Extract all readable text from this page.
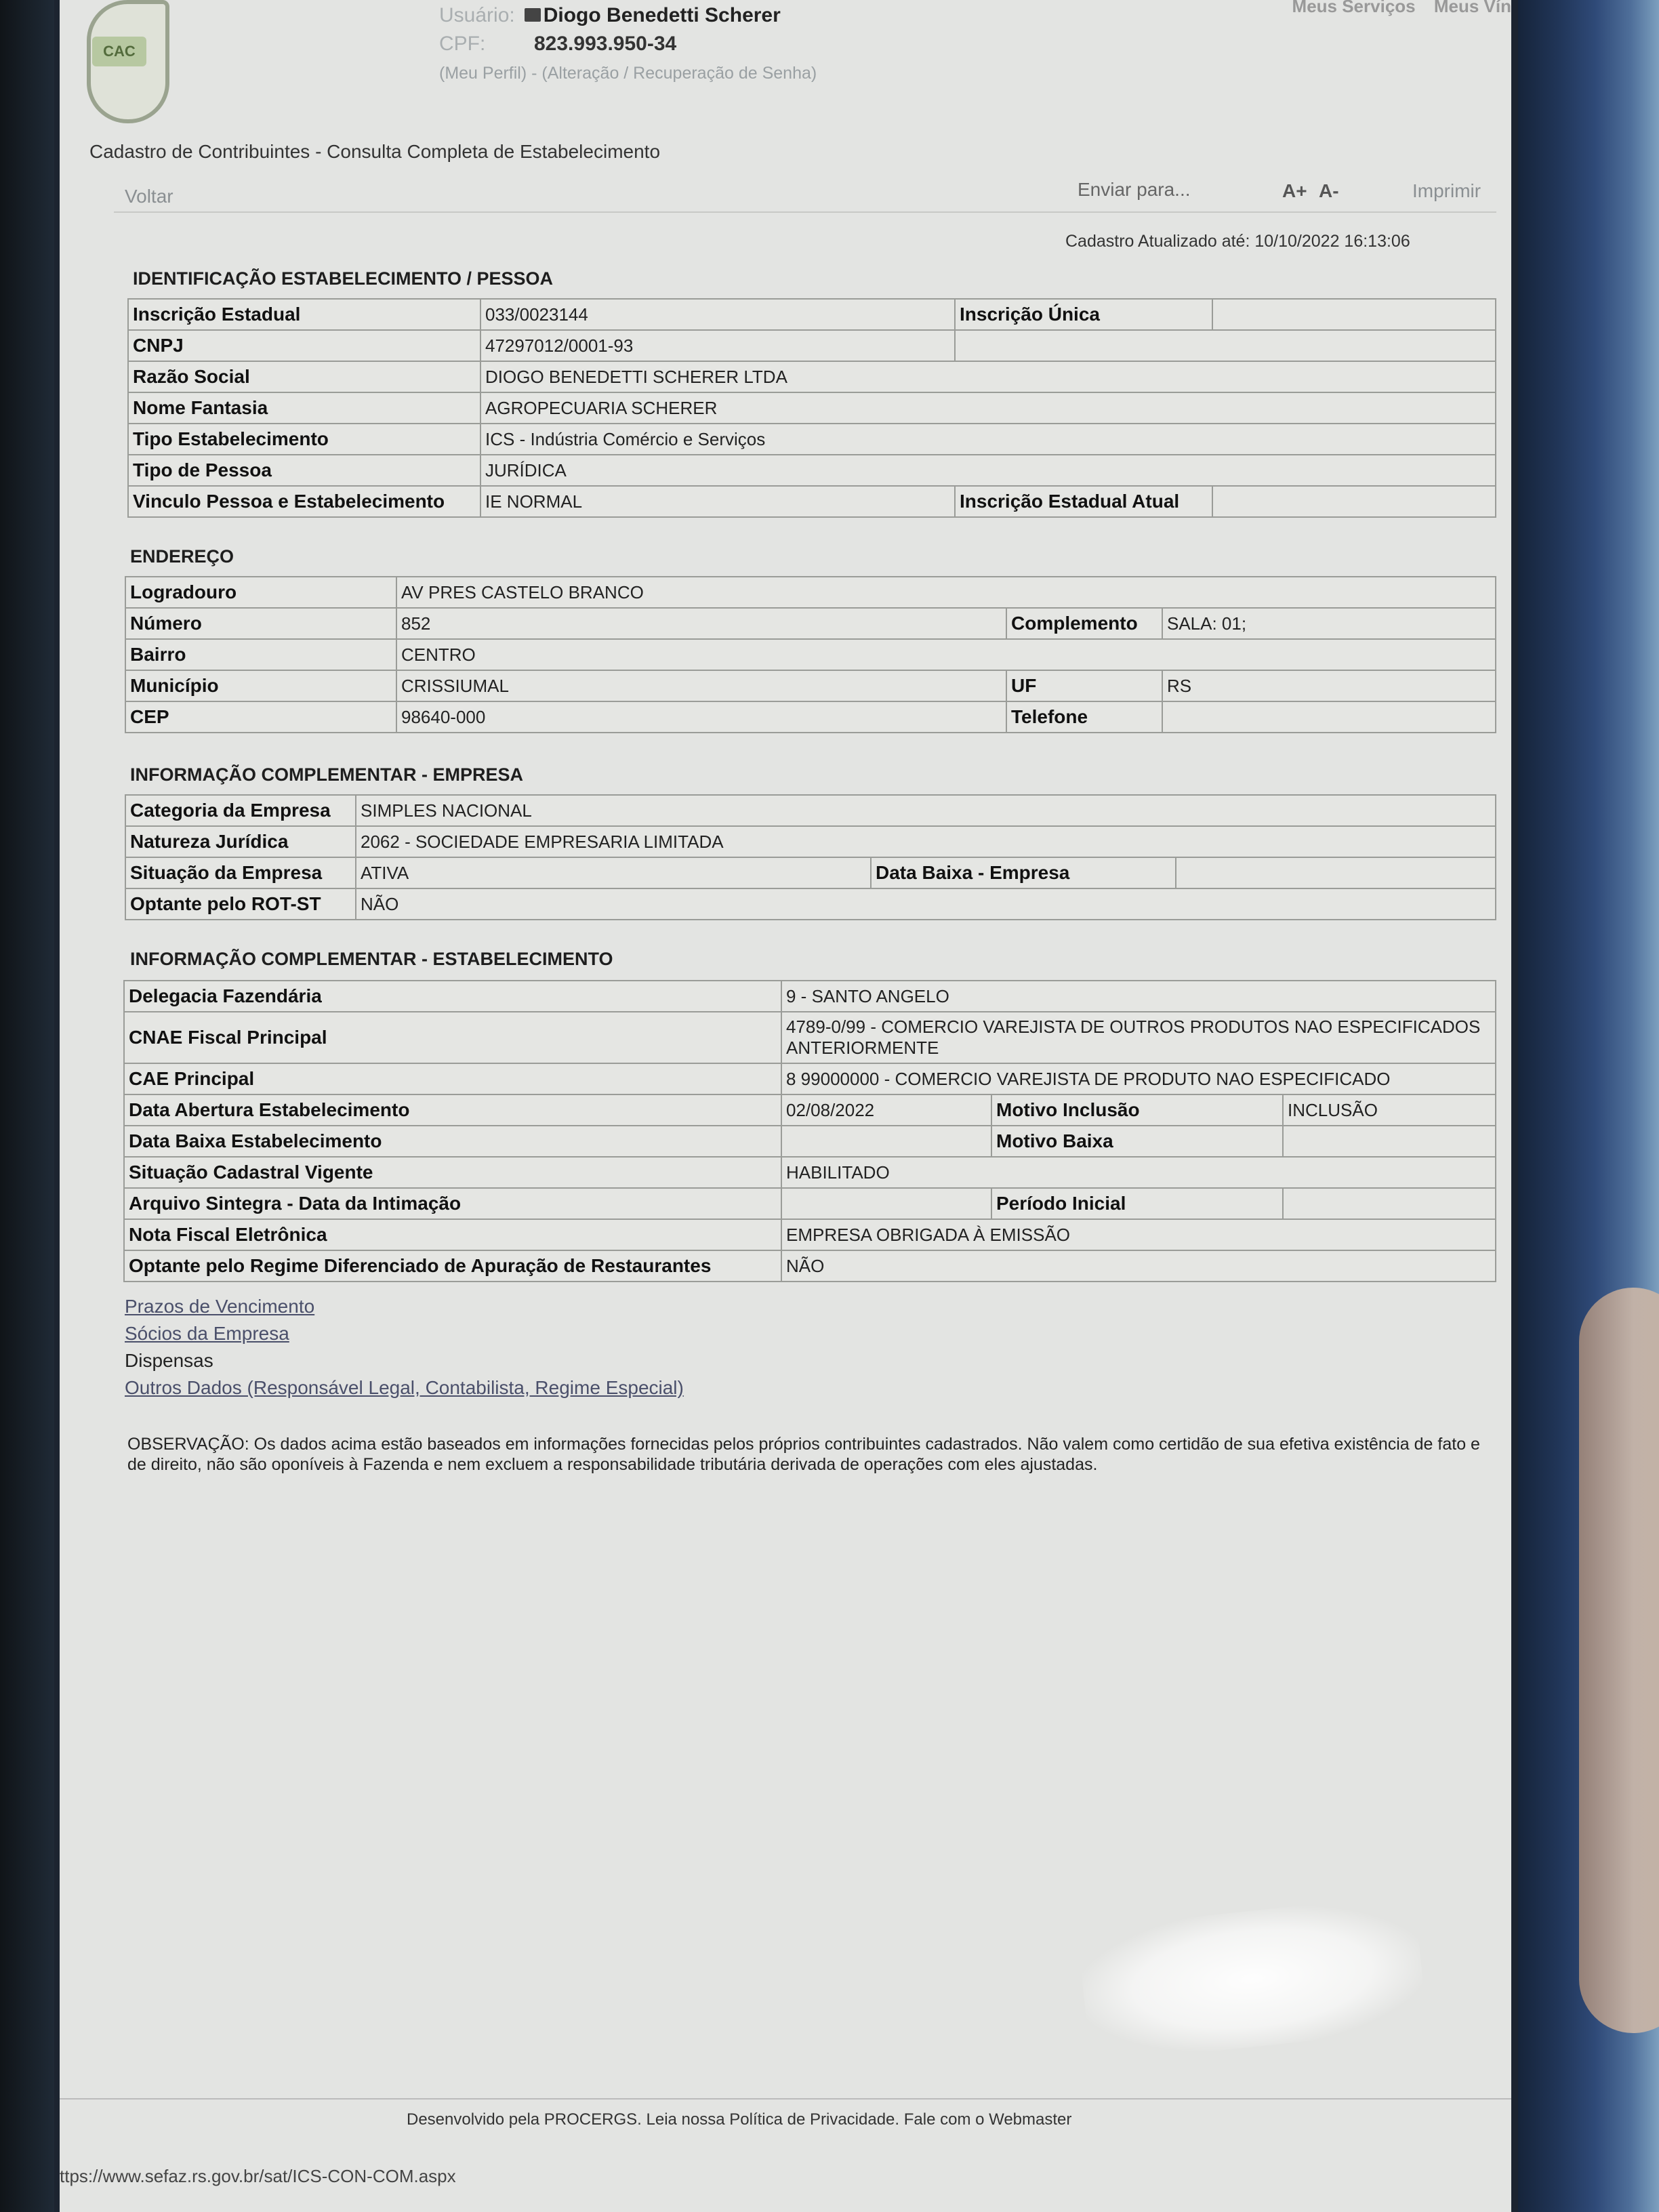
CAC
Usuário: Diogo Benedetti Scherer
CPF: 823.993.950-34
(Meu Perfil) - (Alteração / Recuperação de Senha)
Meus Serviços Meus Vín
Cadastro de Contribuintes - Consulta Completa de Estabelecimento
Voltar	Enviar para...	A+ A-	Imprimir
Cadastro Atualizado até: 10/10/2022 16:13:06
IDENTIFICAÇÃO ESTABELECIMENTO / PESSOA
Inscrição Estadual	033/0023144	Inscrição Única	
CNPJ	47297012/0001-93		
Razão Social	DIOGO BENEDETTI SCHERER LTDA		
Nome Fantasia	AGROPECUARIA SCHERER		
Tipo Estabelecimento	ICS - Indústria Comércio e Serviços		
Tipo de Pessoa	JURÍDICA		
Vinculo Pessoa e Estabelecimento	IE NORMAL	Inscrição Estadual Atual	
ENDEREÇO
Logradouro	AV PRES CASTELO BRANCO		
Número	852	Complemento	SALA: 01;
Bairro	CENTRO		
Município	CRISSIUMAL	UF	RS
CEP	98640-000	Telefone	
INFORMAÇÃO COMPLEMENTAR - EMPRESA
Categoria da Empresa	SIMPLES NACIONAL		
Natureza Jurídica	2062 - SOCIEDADE EMPRESARIA LIMITADA		
Situação da Empresa	ATIVA	Data Baixa - Empresa	
Optante pelo ROT-ST	NÃO		
INFORMAÇÃO COMPLEMENTAR - ESTABELECIMENTO
Delegacia Fazendária	9 - SANTO ANGELO		
CNAE Fiscal Principal	4789-0/99 - COMERCIO VAREJISTA DE OUTROS PRODUTOS NAO ESPECIFICADOS ANTERIORMENTE		
CAE Principal	8 99000000 - COMERCIO VAREJISTA DE PRODUTO NAO ESPECIFICADO		
Data Abertura Estabelecimento	02/08/2022	Motivo Inclusão	INCLUSÃO
Data Baixa Estabelecimento		Motivo Baixa	
Situação Cadastral Vigente	HABILITADO		
Arquivo Sintegra - Data da Intimação		Período Inicial	
Nota Fiscal Eletrônica	EMPRESA OBRIGADA À EMISSÃO		
Optante pelo Regime Diferenciado de Apuração de Restaurantes	NÃO		
Prazos de Vencimento
Sócios da Empresa
Dispensas
Outros Dados (Responsável Legal, Contabilista, Regime Especial)
OBSERVAÇÃO: Os dados acima estão baseados em informações fornecidas pelos próprios contribuintes cadastrados. Não valem como certidão de sua efetiva existência de fato e de direito, não são oponíveis à Fazenda e nem excluem a responsabilidade tributária derivada de operações com eles ajustadas.
Desenvolvido pela PROCERGS. Leia nossa Política de Privacidade. Fale com o Webmaster
ttps://www.sefaz.rs.gov.br/sat/ICS-CON-COM.aspx
